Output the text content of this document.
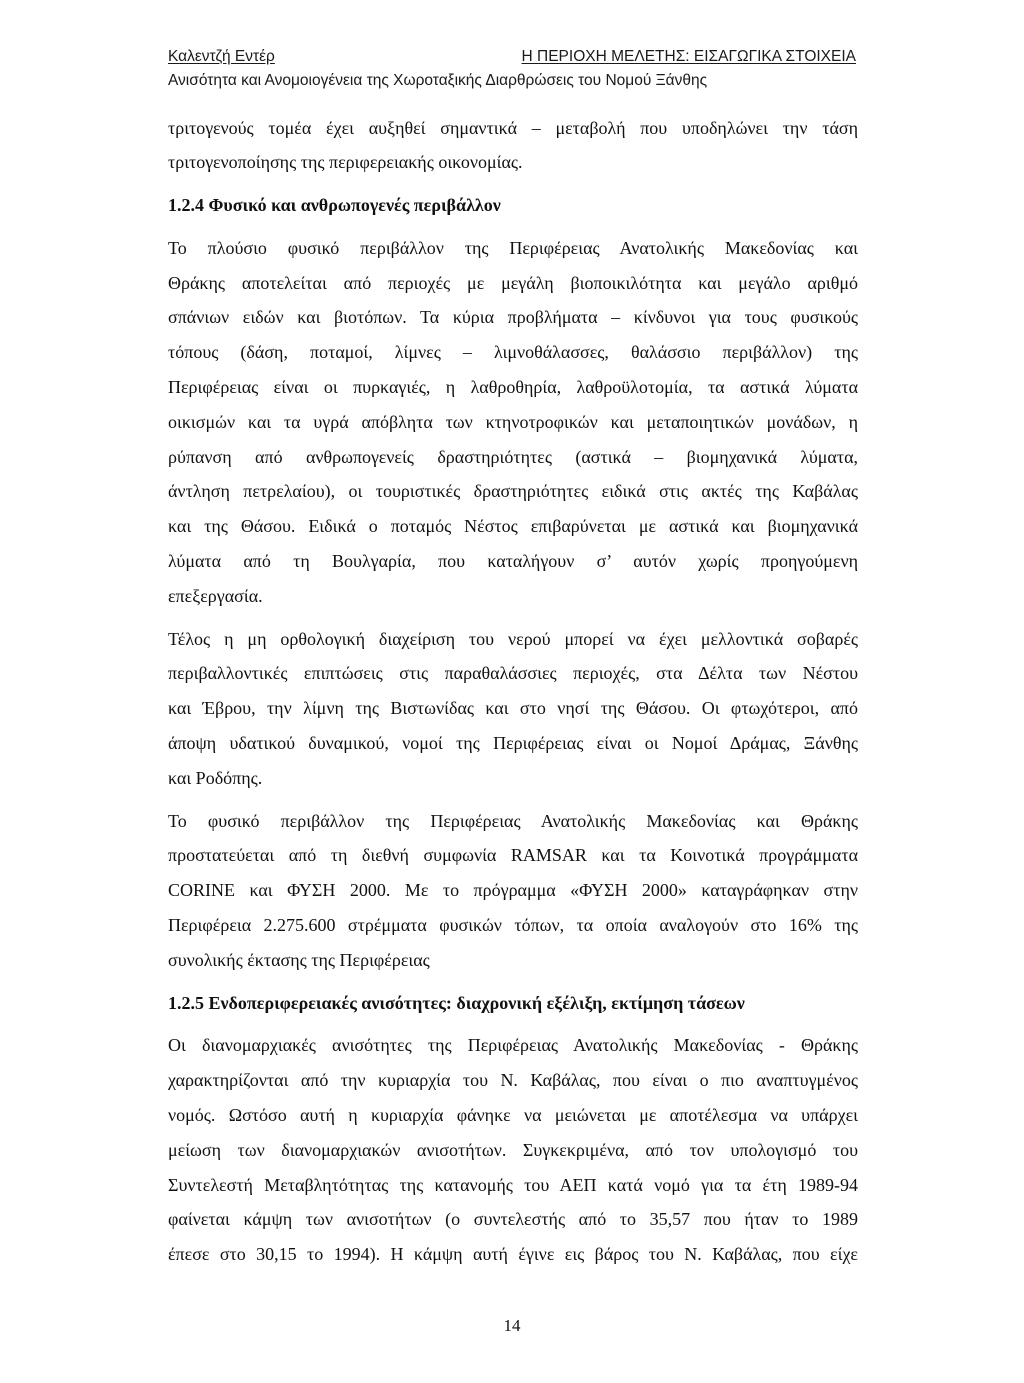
Καλεντζή Εντέρ	Η ΠΕΡΙΟΧΗ ΜΕΛΕΤΗΣ: ΕΙΣΑΓΩΓΙΚΑ ΣΤΟΙΧΕΙΑ
Ανισότητα και Ανομοιογένεια της Χωροταξικής Διαρθρώσεις του Νομού Ξάνθης
τριτογενούς τομέα έχει αυξηθεί σημαντικά – μεταβολή που υποδηλώνει την τάση
τριτογενοποίησης της περιφερειακής οικονομίας.
1.2.4 Φυσικό και ανθρωπογενές περιβάλλον
Το πλούσιο φυσικό περιβάλλον της Περιφέρειας Ανατολικής Μακεδονίας και
Θράκης αποτελείται από περιοχές με μεγάλη βιοποικιλότητα και μεγάλο αριθμό
σπάνιων ειδών και βιοτόπων. Τα κύρια προβλήματα – κίνδυνοι για τους φυσικούς
τόπους (δάση, ποταμοί, λίμνες – λιμνοθάλασσες, θαλάσσιο περιβάλλον) της
Περιφέρειας είναι οι πυρκαγιές, η λαθροθηρία, λαθροϋλοτομία, τα αστικά λύματα
οικισμών και τα υγρά απόβλητα των κτηνοτροφικών και μεταποιητικών μονάδων, η
ρύπανση από ανθρωπογενείς δραστηριότητες (αστικά – βιομηχανικά λύματα,
άντληση πετρελαίου), οι τουριστικές δραστηριότητες ειδικά στις ακτές της Καβάλας
και της Θάσου. Ειδικά ο ποταμός Νέστος επιβαρύνεται με αστικά και βιομηχανικά
λύματα από τη Βουλγαρία, που καταλήγουν σ’ αυτόν χωρίς προηγούμενη
επεξεργασία.
Τέλος η μη ορθολογική διαχείριση του νερού μπορεί να έχει μελλοντικά σοβαρές
περιβαλλοντικές επιπτώσεις στις παραθαλάσσιες περιοχές, στα Δέλτα των Νέστου
και Έβρου, την λίμνη της Βιστωνίδας και στο νησί της Θάσου. Οι φτωχότεροι, από
άποψη υδατικού δυναμικού, νομοί της Περιφέρειας είναι οι Νομοί Δράμας, Ξάνθης
και Ροδόπης.
Το φυσικό περιβάλλον της Περιφέρειας Ανατολικής Μακεδονίας και Θράκης
προστατεύεται από τη διεθνή συμφωνία RAMSAR και τα Κοινοτικά προγράμματα
CORINE και ΦΥΣΗ 2000. Με το πρόγραμμα «ΦΥΣΗ 2000» καταγράφηκαν στην
Περιφέρεια 2.275.600 στρέμματα φυσικών τόπων, τα οποία αναλογούν στο 16% της
συνολικής έκτασης της Περιφέρειας
1.2.5 Ενδοπεριφερειακές ανισότητες: διαχρονική εξέλιξη, εκτίμηση τάσεων
Οι διανομαρχιακές ανισότητες της Περιφέρειας Ανατολικής Μακεδονίας - Θράκης
χαρακτηρίζονται από την κυριαρχία του Ν. Καβάλας, που είναι ο πιο αναπτυγμένος
νομός. Ωστόσο αυτή η κυριαρχία φάνηκε να μειώνεται με αποτέλεσμα να υπάρχει
μείωση των διανομαρχιακών ανισοτήτων. Συγκεκριμένα, από τον υπολογισμό του
Συντελεστή Μεταβλητότητας της κατανομής του ΑΕΠ κατά νομό για τα έτη 1989-94
φαίνεται κάμψη των ανισοτήτων (ο συντελεστής από το 35,57 που ήταν το 1989
έπεσε στο 30,15 το 1994). Η κάμψη αυτή έγινε εις βάρος του Ν. Καβάλας, που είχε
14
